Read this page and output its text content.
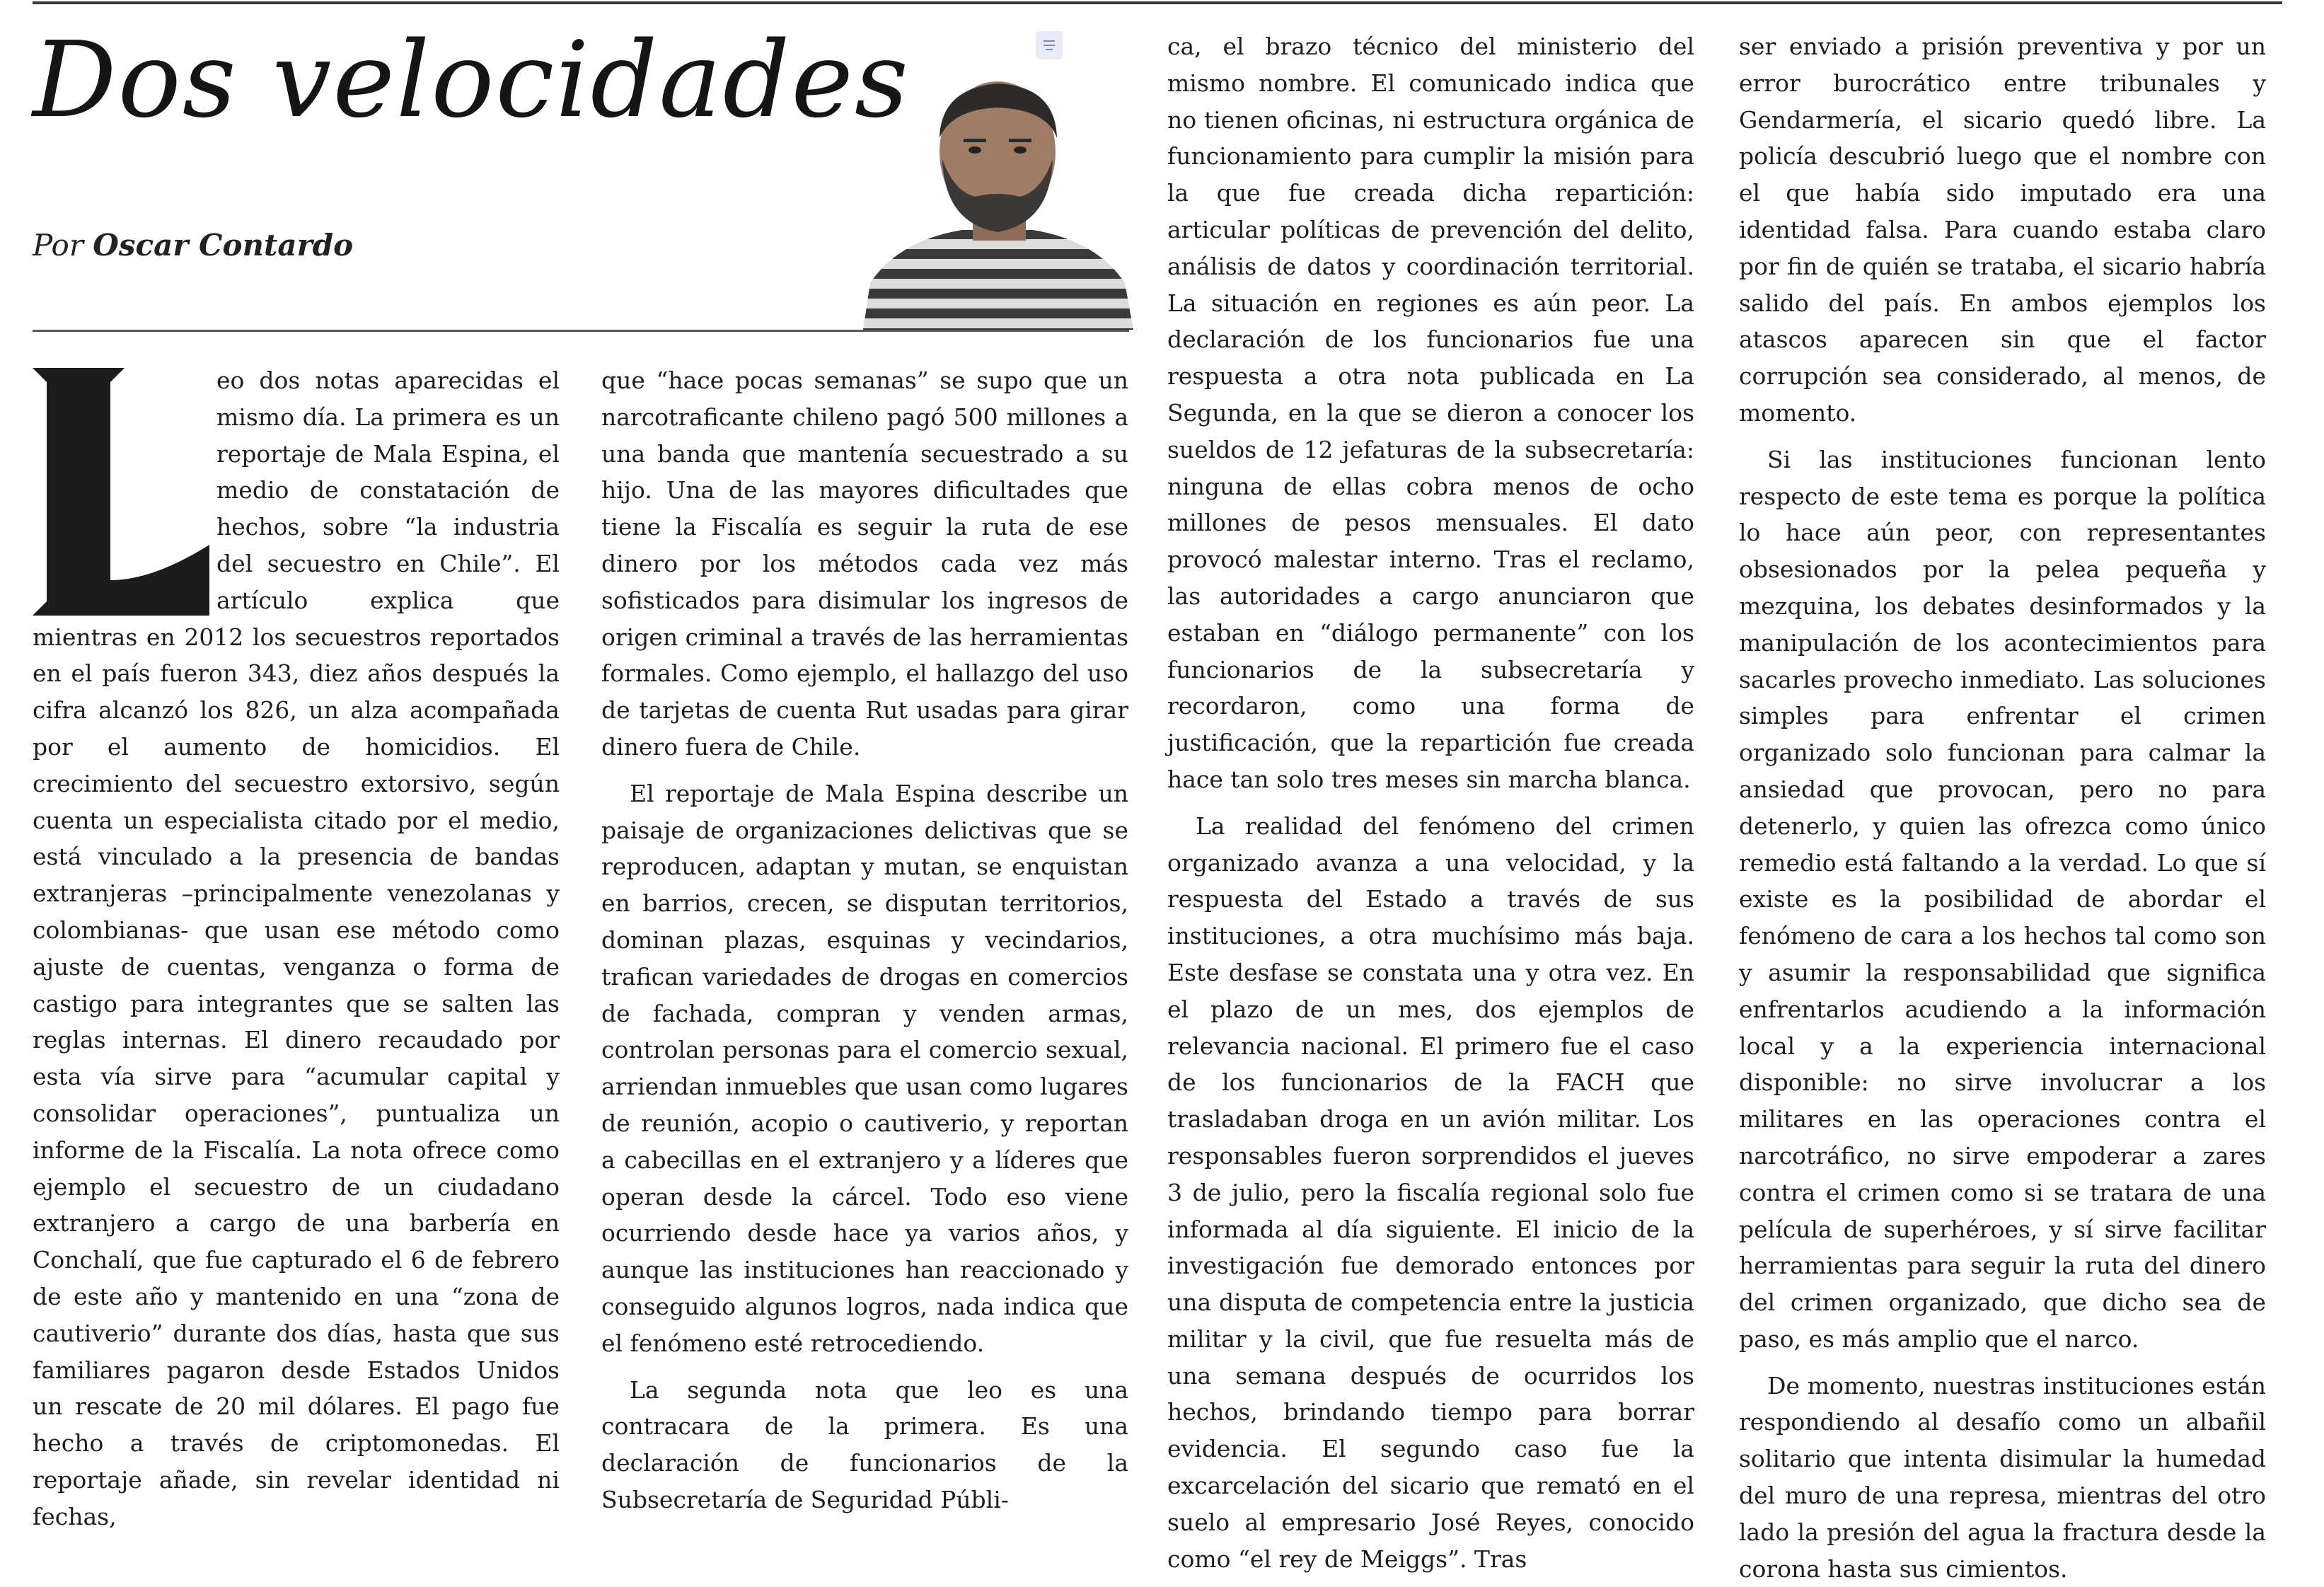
Dos velocidades
Por Oscar Contardo

eo dos notas aparecidas el mismo día. La primera es un reportaje de Mala Espina, el medio de constatación de hechos, sobre “la industria del secuestro en Chile”. El artículo explica que mientras en 2012 los secuestros reportados en el país fueron 343, diez años después la cifra alcanzó los 826, un alza acompañada por el aumento de homicidios. El crecimiento del secuestro extorsivo, según cuenta un especialista citado por el medio, está vinculado a la presencia de bandas extranjeras –principalmente venezolanas y colombianas- que usan ese método como ajuste de cuentas, venganza o forma de castigo para integrantes que se salten las reglas internas. El dinero recaudado por esta vía sirve para “acumular capital y consolidar operaciones”, puntualiza un informe de la Fiscalía. La nota ofrece como ejemplo el secuestro de un ciudadano extranjero a cargo de una barbería en Conchalí, que fue capturado el 6 de febrero de este año y mantenido en una “zona de cautiverio” durante dos días, hasta que sus familiares pagaron desde Estados Unidos un rescate de 20 mil dólares. El pago fue hecho a través de criptomonedas. El reportaje añade, sin revelar identidad ni fechas,

que “hace pocas semanas” se supo que un narcotraficante chileno pagó 500 millones a una banda que mantenía secuestrado a su hijo. Una de las mayores dificultades que tiene la Fiscalía es seguir la ruta de ese dinero por los métodos cada vez más sofisticados para disimular los ingresos de origen criminal a través de las herramientas formales. Como ejemplo, el hallazgo del uso de tarjetas de cuenta Rut usadas para girar dinero fuera de Chile.

El reportaje de Mala Espina describe un paisaje de organizaciones delictivas que se reproducen, adaptan y mutan, se enquistan en barrios, crecen, se disputan territorios, dominan plazas, esquinas y vecindarios, trafican variedades de drogas en comercios de fachada, compran y venden armas, controlan personas para el comercio sexual, arriendan inmuebles que usan como lugares de reunión, acopio o cautiverio, y reportan a cabecillas en el extranjero y a líderes que operan desde la cárcel. Todo eso viene ocurriendo desde hace ya varios años, y aunque las instituciones han reaccionado y conseguido algunos logros, nada indica que el fenómeno esté retrocediendo.

La segunda nota que leo es una contracara de la primera. Es una declaración de funcionarios de la Subsecretaría de Seguridad Públi-

ca, el brazo técnico del ministerio del mismo nombre. El comunicado indica que no tienen oficinas, ni estructura orgánica de funcionamiento para cumplir la misión para la que fue creada dicha repartición: articular políticas de prevención del delito, análisis de datos y coordinación territorial. La situación en regiones es aún peor. La declaración de los funcionarios fue una respuesta a otra nota publicada en La Segunda, en la que se dieron a conocer los sueldos de 12 jefaturas de la subsecretaría: ninguna de ellas cobra menos de ocho millones de pesos mensuales. El dato provocó malestar interno. Tras el reclamo, las autoridades a cargo anunciaron que estaban en “diálogo permanente” con los funcionarios de la subsecretaría y recordaron, como una forma de justificación, que la repartición fue creada hace tan solo tres meses sin marcha blanca.

La realidad del fenómeno del crimen organizado avanza a una velocidad, y la respuesta del Estado a través de sus instituciones, a otra muchísimo más baja. Este desfase se constata una y otra vez. En el plazo de un mes, dos ejemplos de relevancia nacional. El primero fue el caso de los funcionarios de la FACH que trasladaban droga en un avión militar. Los responsables fueron sorprendidos el jueves 3 de julio, pero la fiscalía regional solo fue informada al día siguiente. El inicio de la investigación fue demorado entonces por una disputa de competencia entre la justicia militar y la civil, que fue resuelta más de una semana después de ocurridos los hechos, brindando tiempo para borrar evidencia. El segundo caso fue la excarcelación del sicario que remató en el suelo al empresario José Reyes, conocido como “el rey de Meiggs”. Tras

ser enviado a prisión preventiva y por un error burocrático entre tribunales y Gendarmería, el sicario quedó libre. La policía descubrió luego que el nombre con el que había sido imputado era una identidad falsa. Para cuando estaba claro por fin de quién se trataba, el sicario habría salido del país. En ambos ejemplos los atascos aparecen sin que el factor corrupción sea considerado, al menos, de momento.

Si las instituciones funcionan lento respecto de este tema es porque la política lo hace aún peor, con representantes obsesionados por la pelea pequeña y mezquina, los debates desinformados y la manipulación de los acontecimientos para sacarles provecho inmediato. Las soluciones simples para enfrentar el crimen organizado solo funcionan para calmar la ansiedad que provocan, pero no para detenerlo, y quien las ofrezca como único remedio está faltando a la verdad. Lo que sí existe es la posibilidad de abordar el fenómeno de cara a los hechos tal como son y asumir la responsabilidad que significa enfrentarlos acudiendo a la información local y a la experiencia internacional disponible: no sirve involucrar a los militares en las operaciones contra el narcotráfico, no sirve empoderar a zares contra el crimen como si se tratara de una película de superhéroes, y sí sirve facilitar herramientas para seguir la ruta del dinero del crimen organizado, que dicho sea de paso, es más amplio que el narco.

De momento, nuestras instituciones están respondiendo al desafío como un albañil solitario que intenta disimular la humedad del muro de una represa, mientras del otro lado la presión del agua la fractura desde la corona hasta sus cimientos.
